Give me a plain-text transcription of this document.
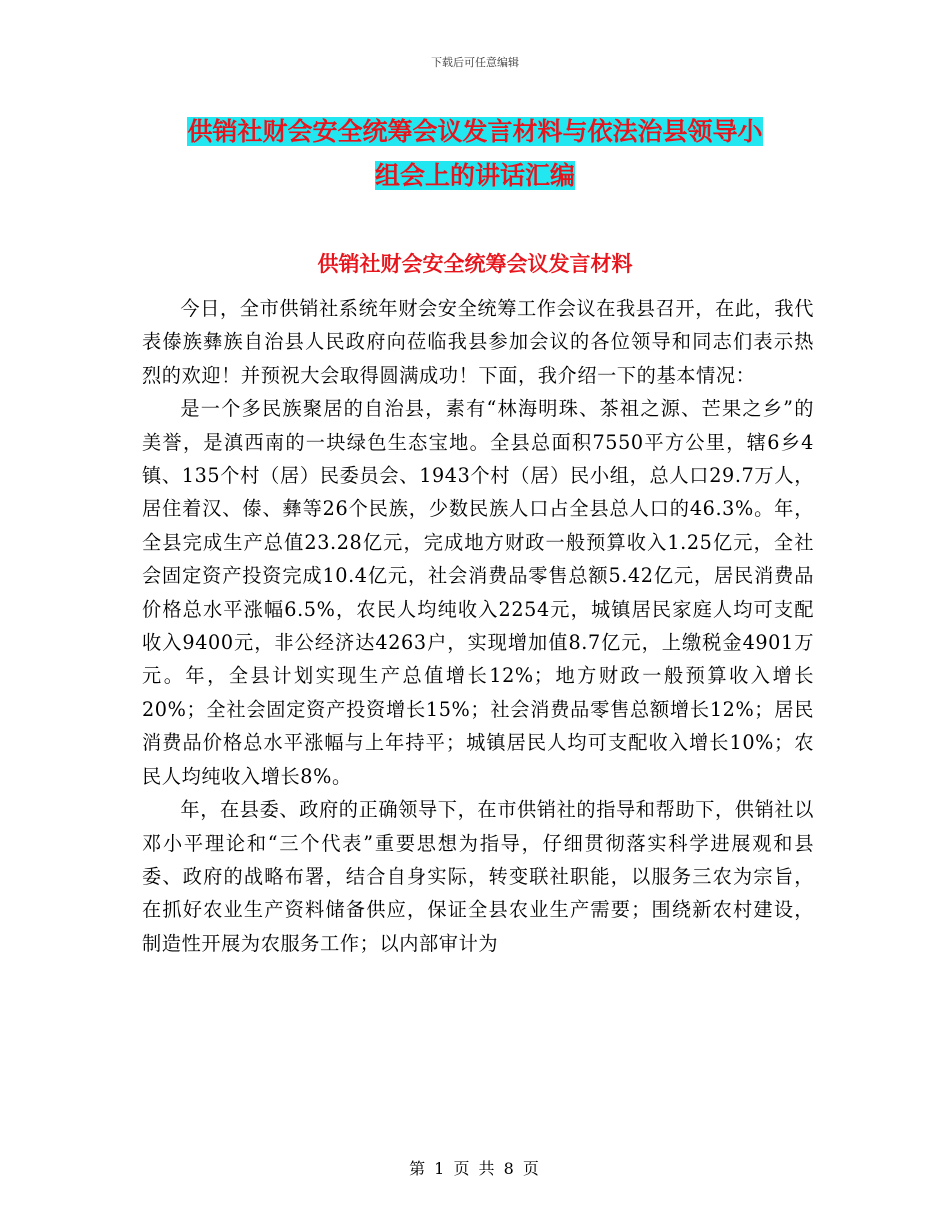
下载后可任意编辑
供销社财会安全统筹会议发言材料与依法治县领导小
组会上的讲话汇编
供销社财会安全统筹会议发言材料

今日，全市供销社系统年财会安全统筹工作会议在我县召开，在此，我代表傣族彝族自治县人民政府向莅临我县参加会议的各位领导和同志们表示热烈的欢迎！并预祝大会取得圆满成功！下面，我介绍一下的基本情况：

是一个多民族聚居的自治县，素有“林海明珠、茶祖之源、芒果之乡”的美誉，是滇西南的一块绿色生态宝地。全县总面积7550平方公里，辖6乡4镇、135个村（居）民委员会、1943个村（居）民小组，总人口29.7万人，居住着汉、傣、彝等26个民族，少数民族人口占全县总人口的46.3%。年，全县完成生产总值23.28亿元，完成地方财政一般预算收入1.25亿元，全社会固定资产投资完成10.4亿元，社会消费品零售总额5.42亿元，居民消费品价格总水平涨幅6.5%，农民人均纯收入2254元，城镇居民家庭人均可支配收入9400元，非公经济达4263户，实现增加值8.7亿元，上缴税金4901万元。年，全县计划实现生产总值增长12%；地方财政一般预算收入增长20%；全社会固定资产投资增长15%；社会消费品零售总额增长12%；居民消费品价格总水平涨幅与上年持平；城镇居民人均可支配收入增长10%；农民人均纯收入增长8%。

年，在县委、政府的正确领导下，在市供销社的指导和帮助下，供销社以邓小平理论和“三个代表”重要思想为指导，仔细贯彻落实科学进展观和县委、政府的战略布署，结合自身实际，转变联社职能，以服务三农为宗旨，在抓好农业生产资料储备供应，保证全县农业生产需要；围绕新农村建设，制造性开展为农服务工作；以内部审计为

第 1 页 共 8 页
